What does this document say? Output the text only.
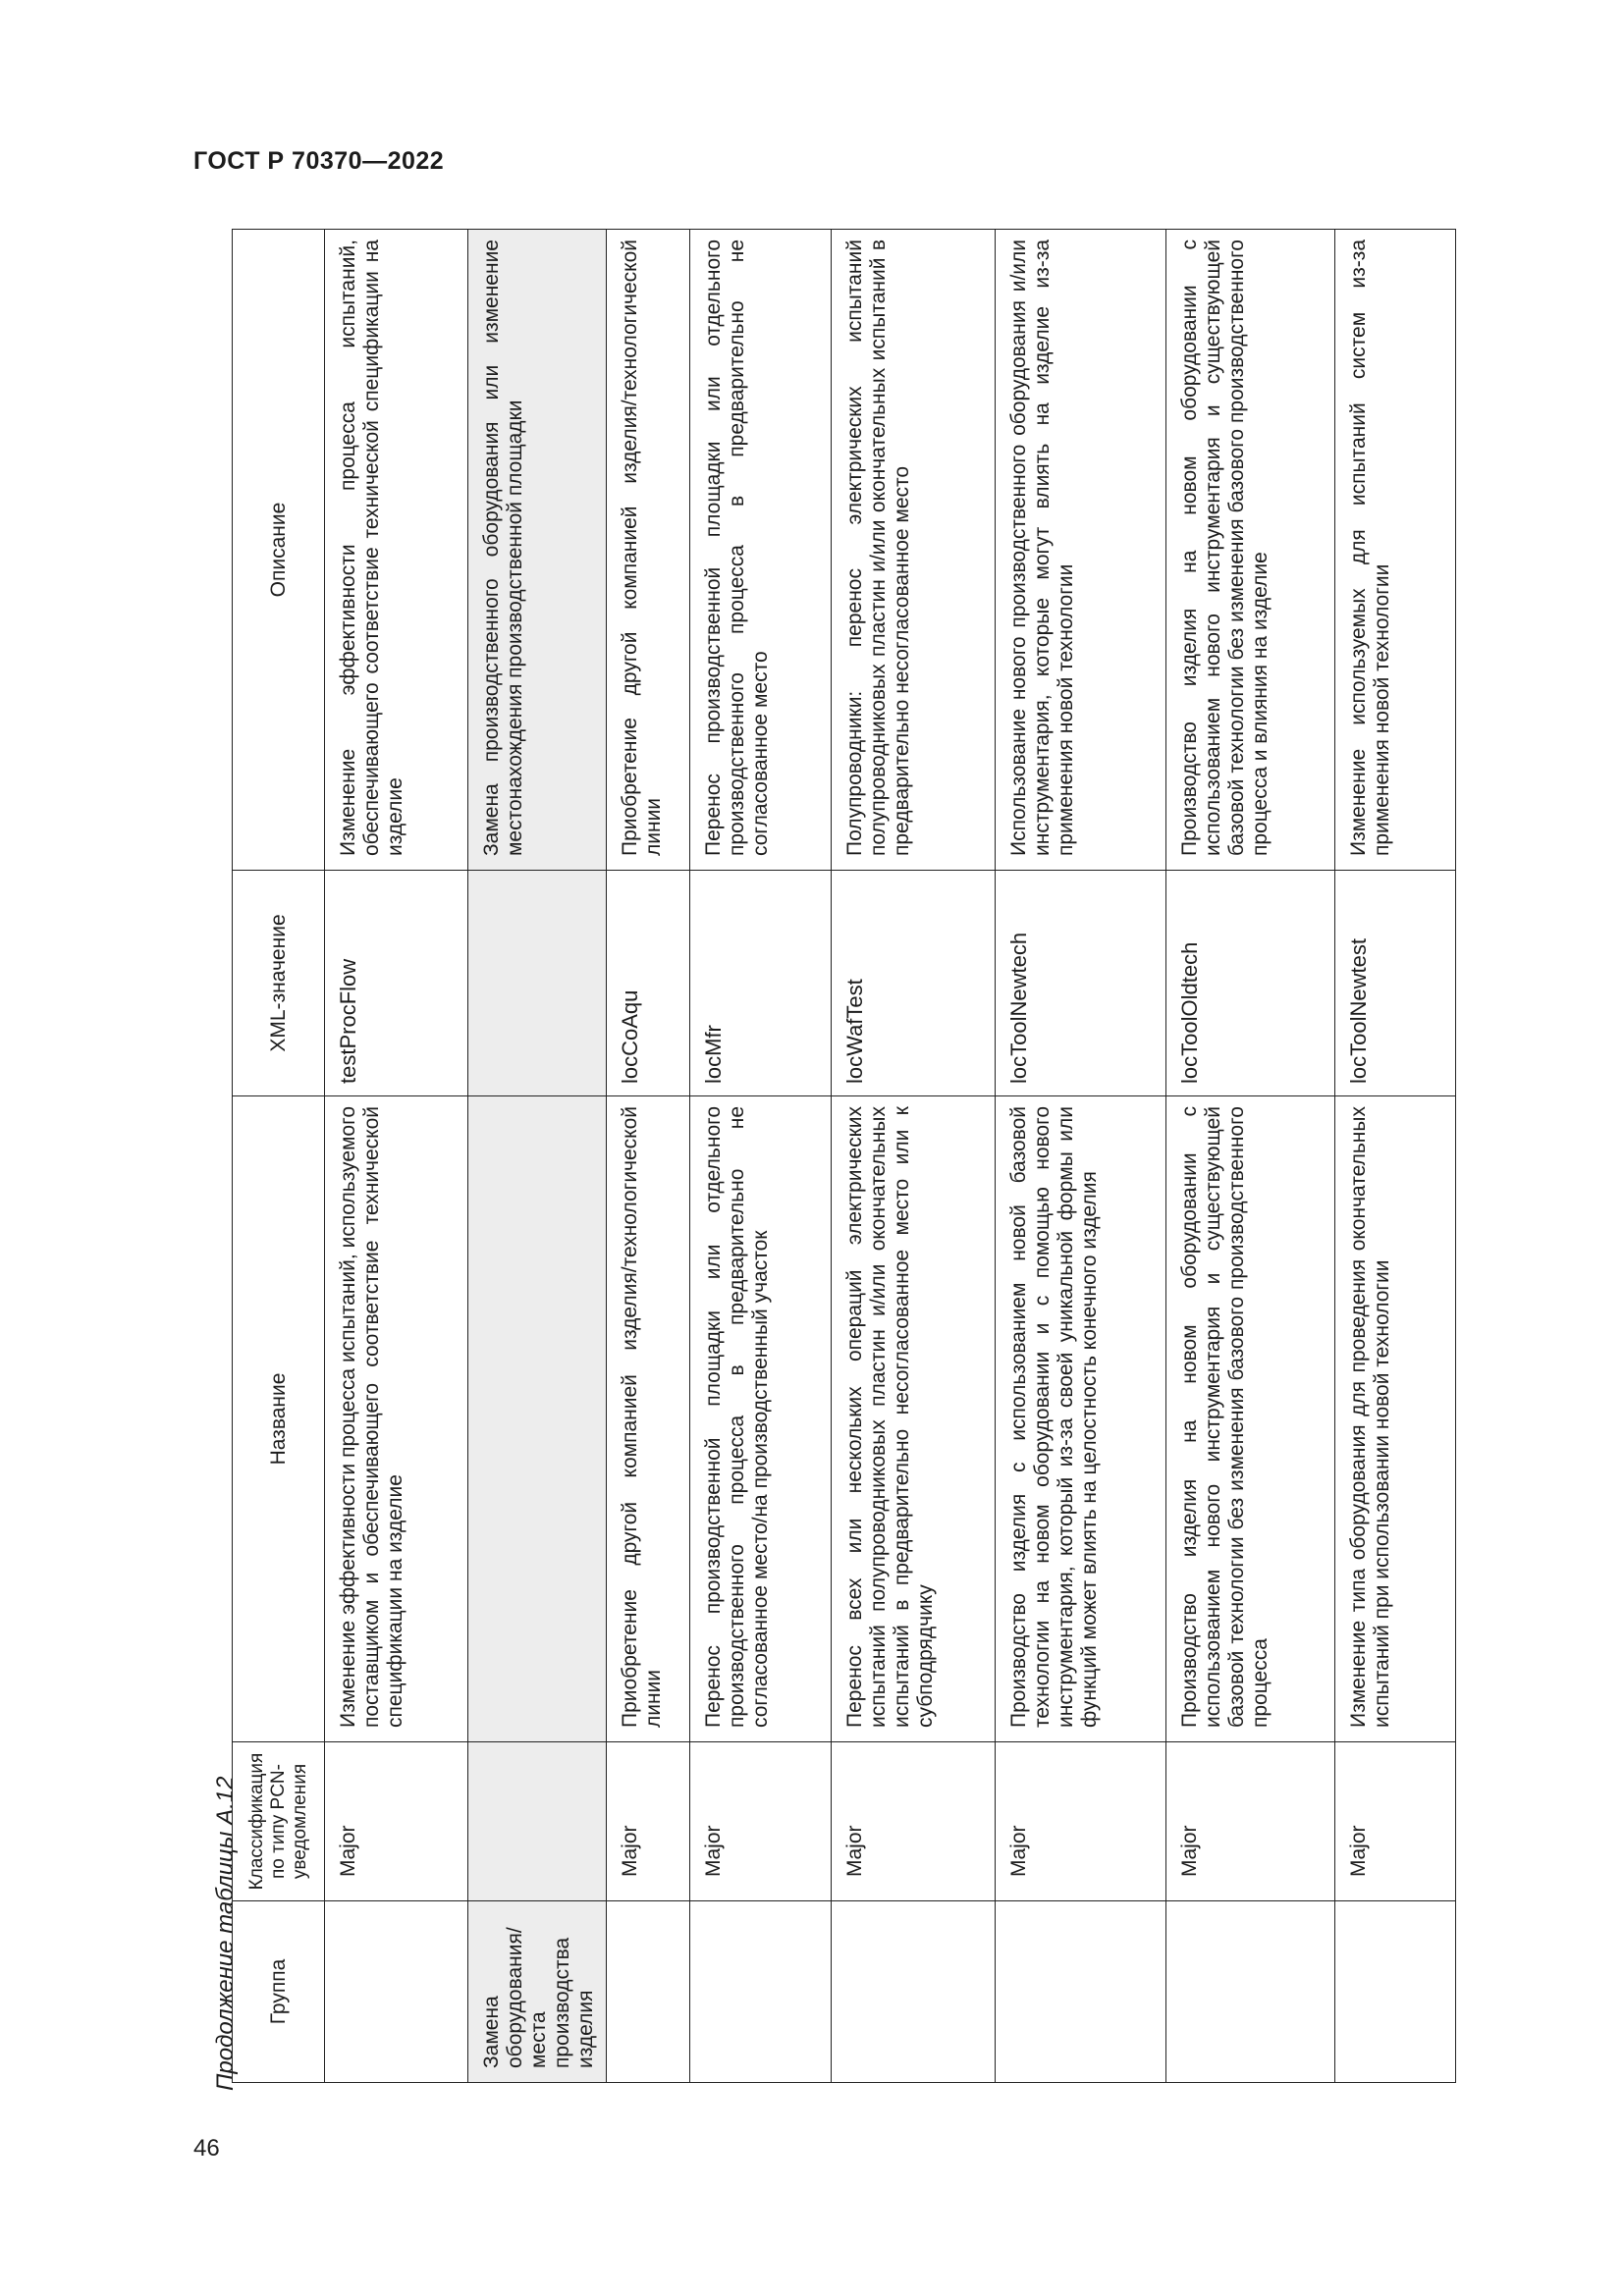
ГОСТ Р 70370—2022
Продолжение таблицы А.12
46
Группа	Классификация по типу PCN-уведомления	Название	XML-значение	Описание
	Major	Изменение эффективности процесса испытаний, используемого поставщиком и обеспечивающего соответствие технической спецификации на изделие	testProcFlow	Изменение эффективности процесса испытаний, обеспечивающего соответствие технической спецификации на изделие
Замена оборудования/ места производства изделия				Замена производственного оборудования или изменение местонахождения производственной площадки
	Major	Приобретение другой компанией изделия/технологической линии	locCoAqu	Приобретение другой компанией изделия/технологической линии
	Major	Перенос производственной площадки или отдельного производственного процесса в предварительно не согласованное место/на производственный участок	locMfr	Перенос производственной площадки или отдельного производственного процесса в предварительно не согласованное место
	Major	Перенос всех или нескольких операций электрических испытаний полупроводниковых пластин и/или окончательных испытаний в предварительно несогласованное место или к субподрядчику	locWafTest	Полупроводники: перенос электрических испытаний полупроводниковых пластин и/или окончательных испытаний в предварительно несогласованное место
	Major	Производство изделия с использованием новой базовой технологии на новом оборудовании и с помощью нового инструментария, который из-за своей уникальной формы или функций может влиять на целостность конечного изделия	locToolNewtech	Использование нового производственного оборудования и/или инструментария, которые могут влиять на изделие из-за применения новой технологии
	Major	Производство изделия на новом оборудовании с использованием нового инструментария и существующей базовой технологии без изменения базового производственного процесса	locToolOldtech	Производство изделия на новом оборудовании с использованием нового инструментария и существующей базовой технологии без изменения базового производственного процесса и влияния на изделие
	Major	Изменение типа оборудования для проведения окончательных испытаний при использовании новой технологии	locToolNewtest	Изменение используемых для испытаний систем из-за применения новой технологии
